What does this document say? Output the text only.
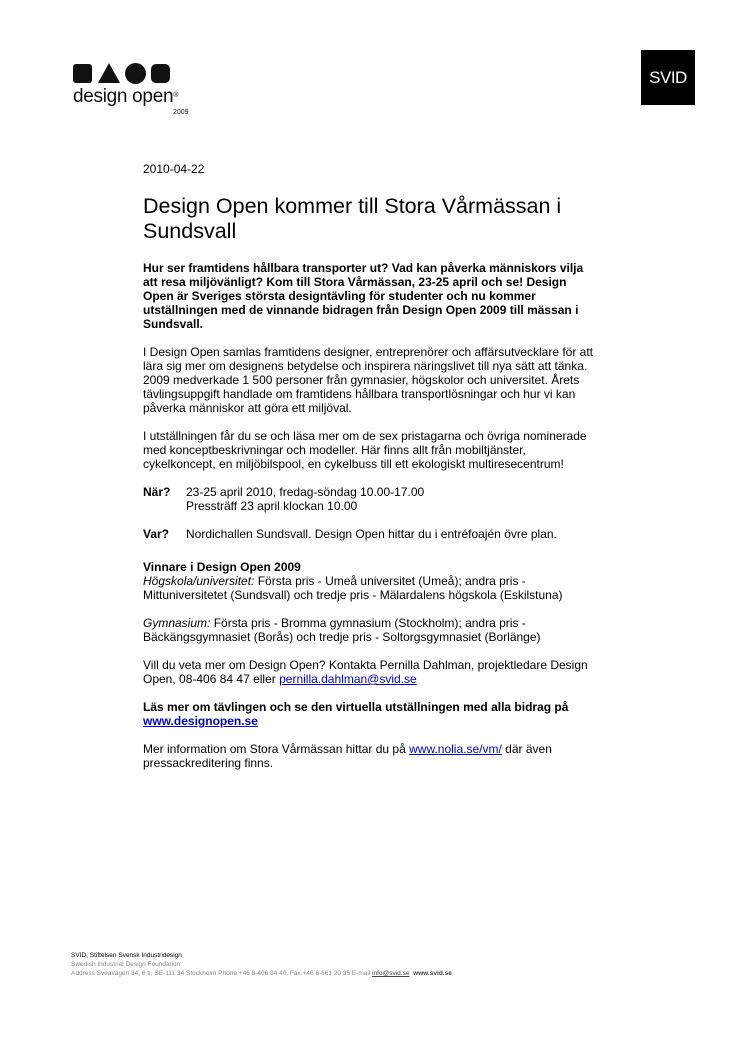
design open®
2009
SVID

2010-04-22

Design Open kommer till Stora Vårmässan i Sundsvall

Hur ser framtidens hållbara transporter ut? Vad kan påverka människors vilja att resa miljövänligt? Kom till Stora Vårmässan, 23-25 april och se! Design Open är Sveriges största designtävling för studenter och nu kommer utställningen med de vinnande bidragen från Design Open 2009 till mässan i Sundsvall.

I Design Open samlas framtidens designer, entreprenörer och affärsutvecklare för att lära sig mer om designens betydelse och inspirera näringslivet till nya sätt att tänka. 2009 medverkade 1 500 personer från gymnasier, högskolor och universitet. Årets tävlingsuppgift handlade om framtidens hållbara transportlösningar och hur vi kan påverka människor att göra ett miljöval.

I utställningen får du se och läsa mer om de sex pristagarna och övriga nominerade med konceptbeskrivningar och modeller. Här finns allt från mobiltjänster, cykelkoncept, en miljöbilspool, en cykelbuss till ett ekologiskt multiresecentrum!

När?	23-25 april 2010, fredag-söndag 10.00-17.00
Pressträff 23 april klockan 10.00
Var?	Nordichallen Sundsvall. Design Open hittar du i entréfoajén övre plan.

Vinnare i Design Open 2009
Högskola/universitet: Första pris - Umeå universitet (Umeå); andra pris - Mittuniversitetet (Sundsvall) och tredje pris - Mälardalens högskola (Eskilstuna)

Gymnasium: Första pris - Bromma gymnasium (Stockholm); andra pris - Bäckängsgymnasiet (Borås) och tredje pris - Soltorgsgymnasiet (Borlänge)

Vill du veta mer om Design Open? Kontakta Pernilla Dahlman, projektledare Design Open, 08-406 84 47 eller pernilla.dahlman@svid.se

Läs mer om tävlingen och se den virtuella utställningen med alla bidrag på www.designopen.se

Mer information om Stora Vårmässan hittar du på www.nolia.se/vm/ där även pressackreditering finns.

SVID, Stiftelsen Svensk Industridesign
Swedish Industrial Design Foundation
Address Sveavägen 34, 6 tr, SE-111 34 Stockholm Phone +46 8-406 84 40, Fax +46 8-661 20 35 E-mail info@svid.se www.svid.se
